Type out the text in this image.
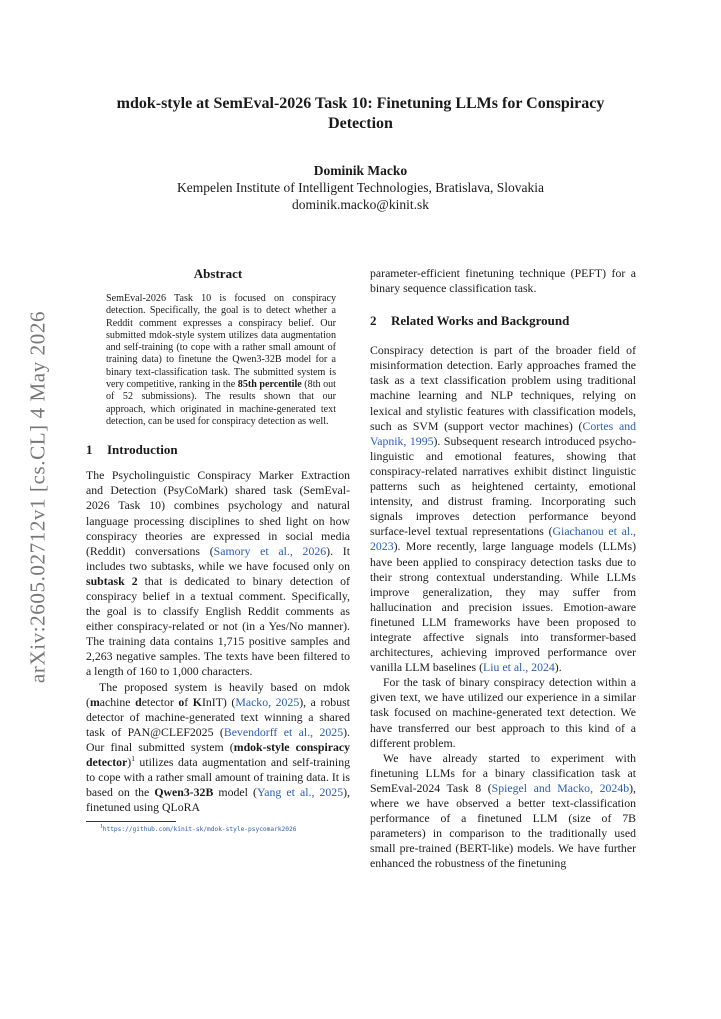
mdok-style at SemEval-2026 Task 10: Finetuning LLMs for Conspiracy
Detection
Dominik Macko
Kempelen Institute of Intelligent Technologies, Bratislava, Slovakia
dominik.macko@kinit.sk
arXiv:2605.02712v1 [cs.CL] 4 May 2026
Abstract
SemEval-2026 Task 10 is focused on conspiracy detection. Specifically, the goal is to detect whether a Reddit comment expresses a conspiracy belief. Our submitted mdok-style system utilizes data augmentation and self-training (to cope with a rather small amount of training data) to finetune the Qwen3-32B model for a binary text-classification task. The submitted system is very competitive, ranking in the 85th percentile (8th out of 52 submissions). The results shown that our approach, which originated in machine-generated text detection, can be used for conspiracy detection as well.
1 Introduction

The Psycholinguistic Conspiracy Marker Extraction and Detection (PsyCoMark) shared task (SemEval-2026 Task 10) combines psychology and natural language processing disciplines to shed light on how conspiracy theories are expressed in social media (Reddit) conversations (Samory et al., 2026). It includes two subtasks, while we have focused only on subtask 2 that is dedicated to binary detection of conspiracy belief in a textual comment. Specifically, the goal is to classify English Reddit comments as either conspiracy-related or not (in a Yes/No manner). The training data contains 1,715 positive samples and 2,263 negative samples. The texts have been filtered to a length of 160 to 1,000 characters.

The proposed system is heavily based on mdok (machine detector of KInIT) (Macko, 2025), a robust detector of machine-generated text winning a shared task of PAN@CLEF2025 (Bevendorff et al., 2025). Our final submitted system (mdok-style conspiracy detector)$^1$ utilizes data augmentation and self-training to cope with a rather small amount of training data. It is based on the Qwen3-32B model (Yang et al., 2025), finetuned using QLoRA

$^1$https://github.com/kinit-sk/mdok-style-psycomark2026

parameter-efficient finetuning technique (PEFT) for a binary sequence classification task.

2 Related Works and Background

Conspiracy detection is part of the broader field of misinformation detection. Early approaches framed the task as a text classification problem using traditional machine learning and NLP techniques, relying on lexical and stylistic features with classification models, such as SVM (support vector machines) (Cortes and Vapnik, 1995). Subsequent research introduced psycho-linguistic and emotional features, showing that conspiracy-related narratives exhibit distinct linguistic patterns such as heightened certainty, emotional intensity, and distrust framing. Incorporating such signals improves detection performance beyond surface-level textual representations (Giachanou et al., 2023). More recently, large language models (LLMs) have been applied to conspiracy detection tasks due to their strong contextual understanding. While LLMs improve generalization, they may suffer from hallucination and precision issues. Emotion-aware finetuned LLM frameworks have been proposed to integrate affective signals into transformer-based architectures, achieving improved performance over vanilla LLM baselines (Liu et al., 2024).

For the task of binary conspiracy detection within a given text, we have utilized our experience in a similar task focused on machine-generated text detection. We have transferred our best approach to this kind of a different problem.

We have already started to experiment with finetuning LLMs for a binary classification task at SemEval-2024 Task 8 (Spiegel and Macko, 2024b), where we have observed a better text-classification performance of a finetuned LLM (size of 7B parameters) in comparison to the traditionally used small pre-trained (BERT-like) models. We have further enhanced the robustness of the finetuning
